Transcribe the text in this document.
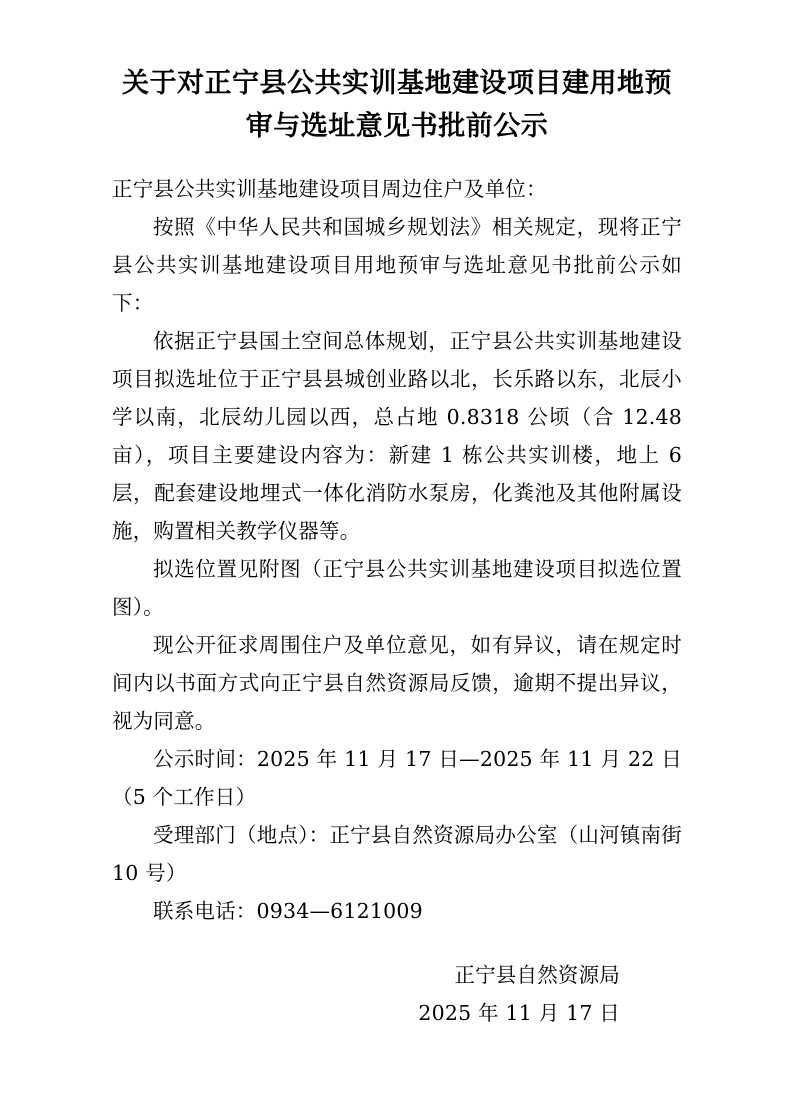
关于对正宁县公共实训基地建设项目建用地预审与选址意见书批前公示
正宁县公共实训基地建设项目周边住户及单位：

按照《中华人民共和国城乡规划法》相关规定，现将正宁县公共实训基地建设项目用地预审与选址意见书批前公示如下：

依据正宁县国土空间总体规划，正宁县公共实训基地建设项目拟选址位于正宁县县城创业路以北，长乐路以东，北辰小学以南，北辰幼儿园以西，总占地 0.8318 公顷（合 12.48 亩），项目主要建设内容为：新建 1 栋公共实训楼，地上 6 层，配套建设地埋式一体化消防水泵房，化粪池及其他附属设施，购置相关教学仪器等。

拟选位置见附图（正宁县公共实训基地建设项目拟选位置图）。

现公开征求周围住户及单位意见，如有异议，请在规定时间内以书面方式向正宁县自然资源局反馈，逾期不提出异议，视为同意。

公示时间：2025 年 11 月 17 日—2025 年 11 月 22 日（5 个工作日）

受理部门（地点）：正宁县自然资源局办公室（山河镇南街 10 号）

联系电话：0934—6121009

正宁县自然资源局
2025 年 11 月 17 日
